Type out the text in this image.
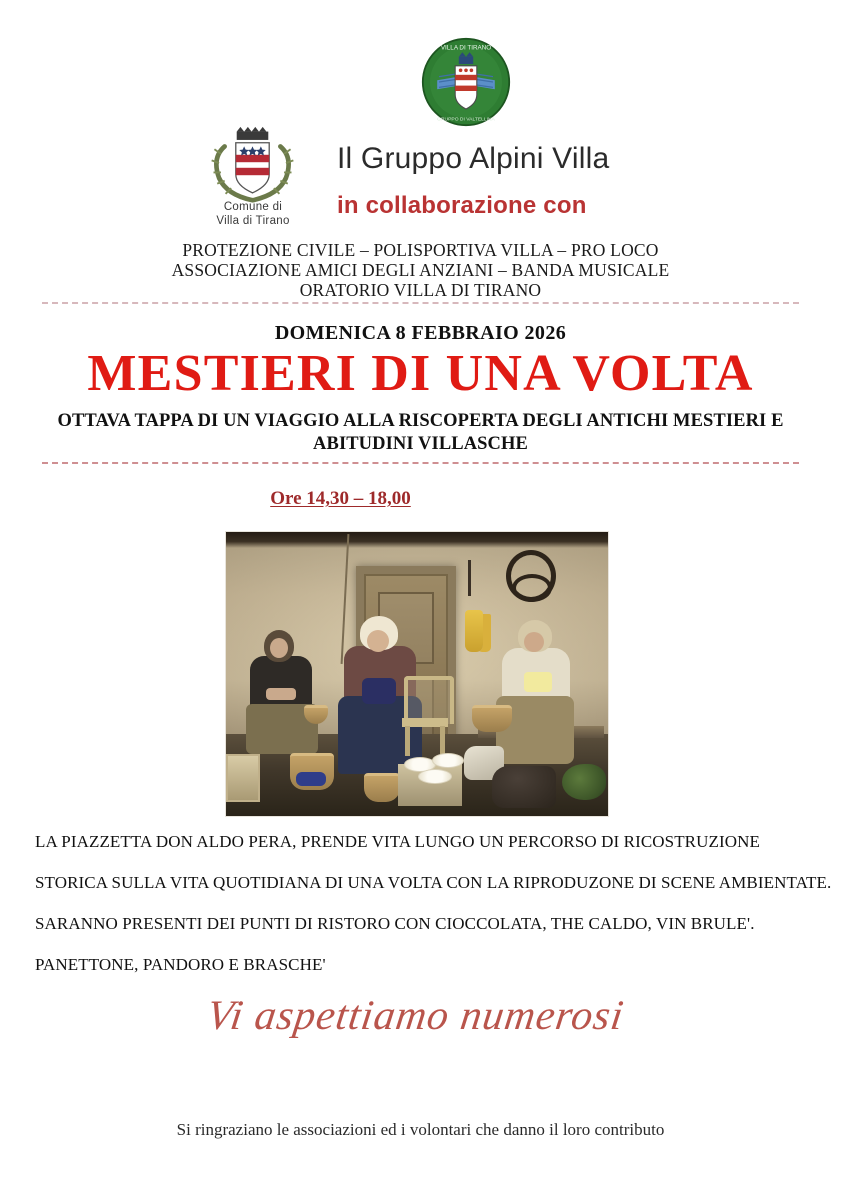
VILLA DI TIRANO
GRUPPO DI VALTELLINA
Comune di
Villa di Tirano
Il Gruppo Alpini Villa
in collaborazione con
PROTEZIONE CIVILE – POLISPORTIVA VILLA – PRO LOCO
ASSOCIAZIONE AMICI DEGLI ANZIANI – BANDA MUSICALE
ORATORIO VILLA DI TIRANO
DOMENICA 8 FEBBRAIO 2026
MESTIERI DI UNA VOLTA
OTTAVA TAPPA DI UN VIAGGIO ALLA RISCOPERTA DEGLI ANTICHI MESTIERI E ABITUDINI VILLASCHE
Ore 14,30 – 18,00

LA PIAZZETTA DON ALDO PERA, PRENDE VITA LUNGO UN PERCORSO DI RICOSTRUZIONE

STORICA SULLA VITA QUOTIDIANA DI UNA VOLTA CON LA RIPRODUZONE DI SCENE AMBIENTATE.

SARANNO PRESENTI DEI PUNTI DI RISTORO CON CIOCCOLATA, THE CALDO, VIN BRULE'.

PANETTONE, PANDORO E BRASCHE'

Vi aspettiamo numerosi
Si ringraziano le associazioni ed i volontari che danno il loro contributo
